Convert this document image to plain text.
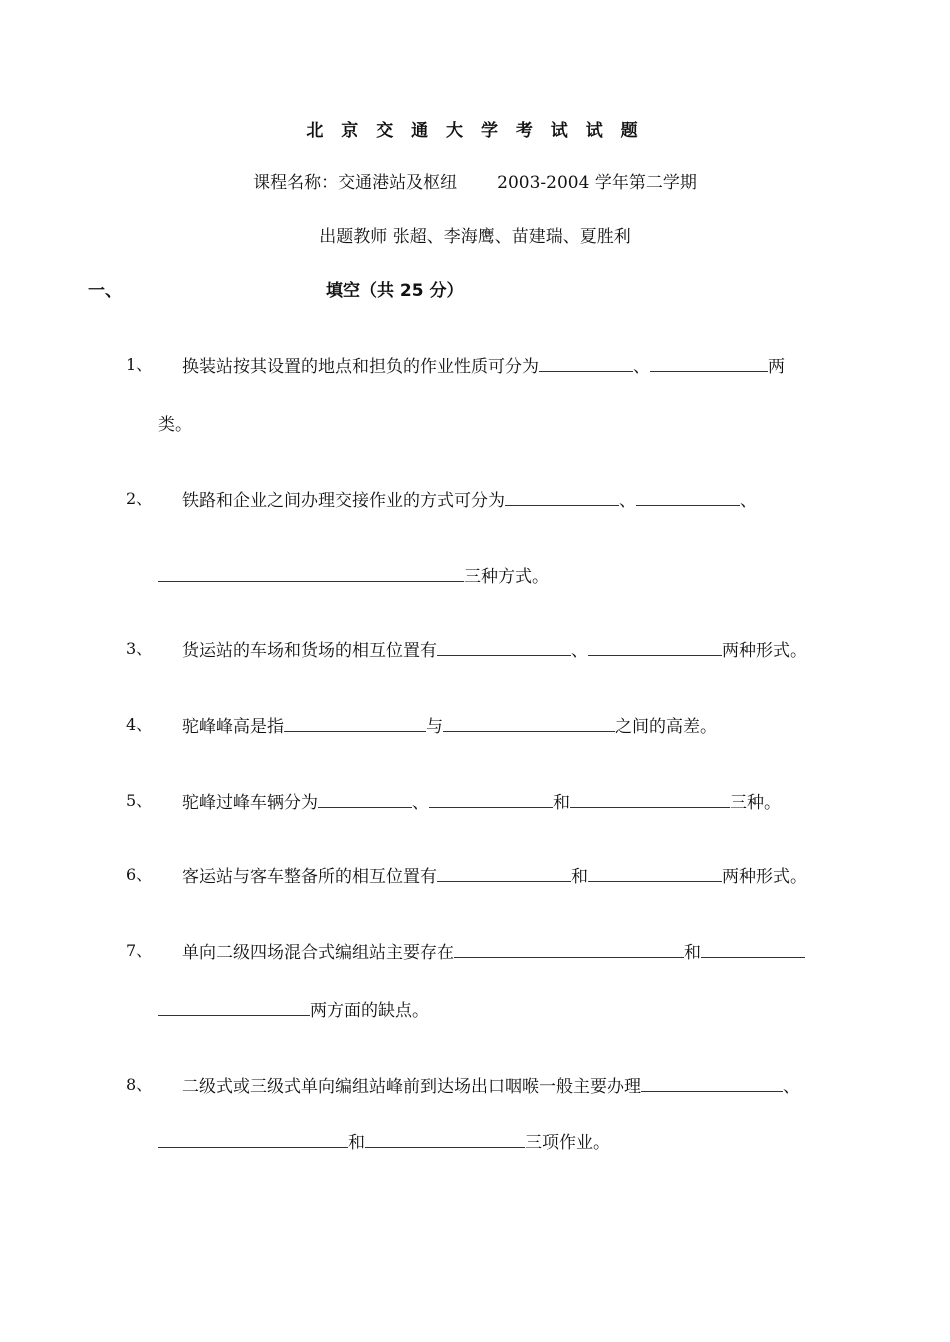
北 京 交 通 大 学 考 试 试 题
课程名称：交通港站及枢纽 2003-2004 学年第二学期
出题教师 张超、李海鹰、苗建瑞、夏胜利
一、	填空（共 25 分）
1、 换装站按其设置的地点和担负的作业性质可分为	、	两
类。
2、 铁路和企业之间办理交接作业的方式可分为	、	、
三种方式。
3、 货运站的车场和货场的相互位置有	、	两种形式。
4、 驼峰峰高是指	与	之间的高差。
5、 驼峰过峰车辆分为	、	和	三种。
6、 客运站与客车整备所的相互位置有	和	两种形式。
7、 单向二级四场混合式编组站主要存在	和
两方面的缺点。
8、 二级式或三级式单向编组站峰前到达场出口咽喉一般主要办理	、
和	三项作业。
